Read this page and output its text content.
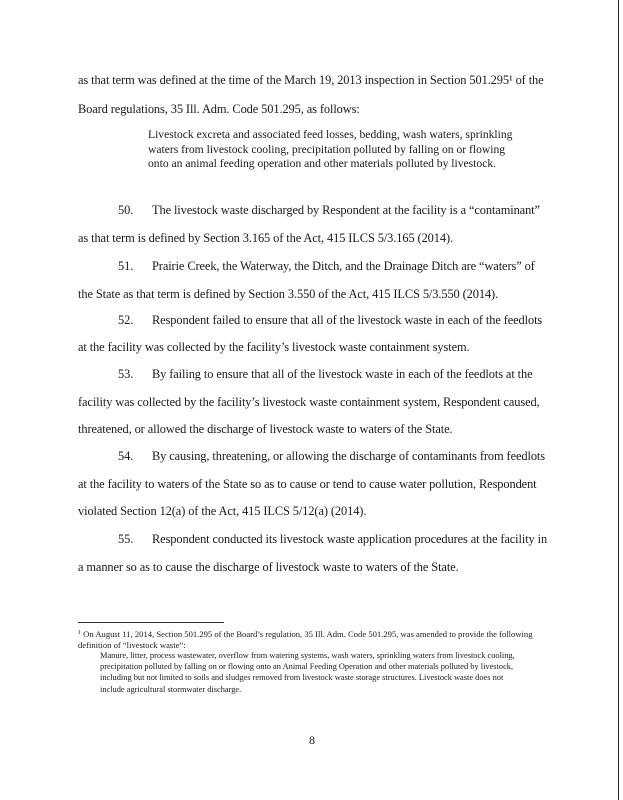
as that term was defined at the time of the March 19, 2013 inspection in Section 501.295¹ of the
Board regulations, 35 Ill. Adm. Code 501.295, as follows:
Livestock excreta and associated feed losses, bedding, wash waters, sprinkling waters from livestock cooling, precipitation polluted by falling on or flowing onto an animal feeding operation and other materials polluted by livestock.
50. The livestock waste discharged by Respondent at the facility is a “contaminant”
as that term is defined by Section 3.165 of the Act, 415 ILCS 5/3.165 (2014).
51. Prairie Creek, the Waterway, the Ditch, and the Drainage Ditch are “waters” of
the State as that term is defined by Section 3.550 of the Act, 415 ILCS 5/3.550 (2014).
52. Respondent failed to ensure that all of the livestock waste in each of the feedlots
at the facility was collected by the facility’s livestock waste containment system.
53. By failing to ensure that all of the livestock waste in each of the feedlots at the
facility was collected by the facility’s livestock waste containment system, Respondent caused,
threatened, or allowed the discharge of livestock waste to waters of the State.
54. By causing, threatening, or allowing the discharge of contaminants from feedlots
at the facility to waters of the State so as to cause or tend to cause water pollution, Respondent
violated Section 12(a) of the Act, 415 ILCS 5/12(a) (2014).
55. Respondent conducted its livestock waste application procedures at the facility in
a manner so as to cause the discharge of livestock waste to waters of the State.
$^1$ On August 11, 2014, Section 501.295 of the Board’s regulation, 35 Ill. Adm. Code 501.295, was amended to provide the following definition of “livestock waste”:
Manure, litter, process wastewater, overflow from watering systems, wash waters, sprinkling waters from livestock cooling, precipitation polluted by falling on or flowing onto an Animal Feeding Operation and other materials polluted by livestock, including but not limited to soils and sludges removed from livestock waste storage structures. Livestock waste does not include agricultural stormwater discharge.
8
